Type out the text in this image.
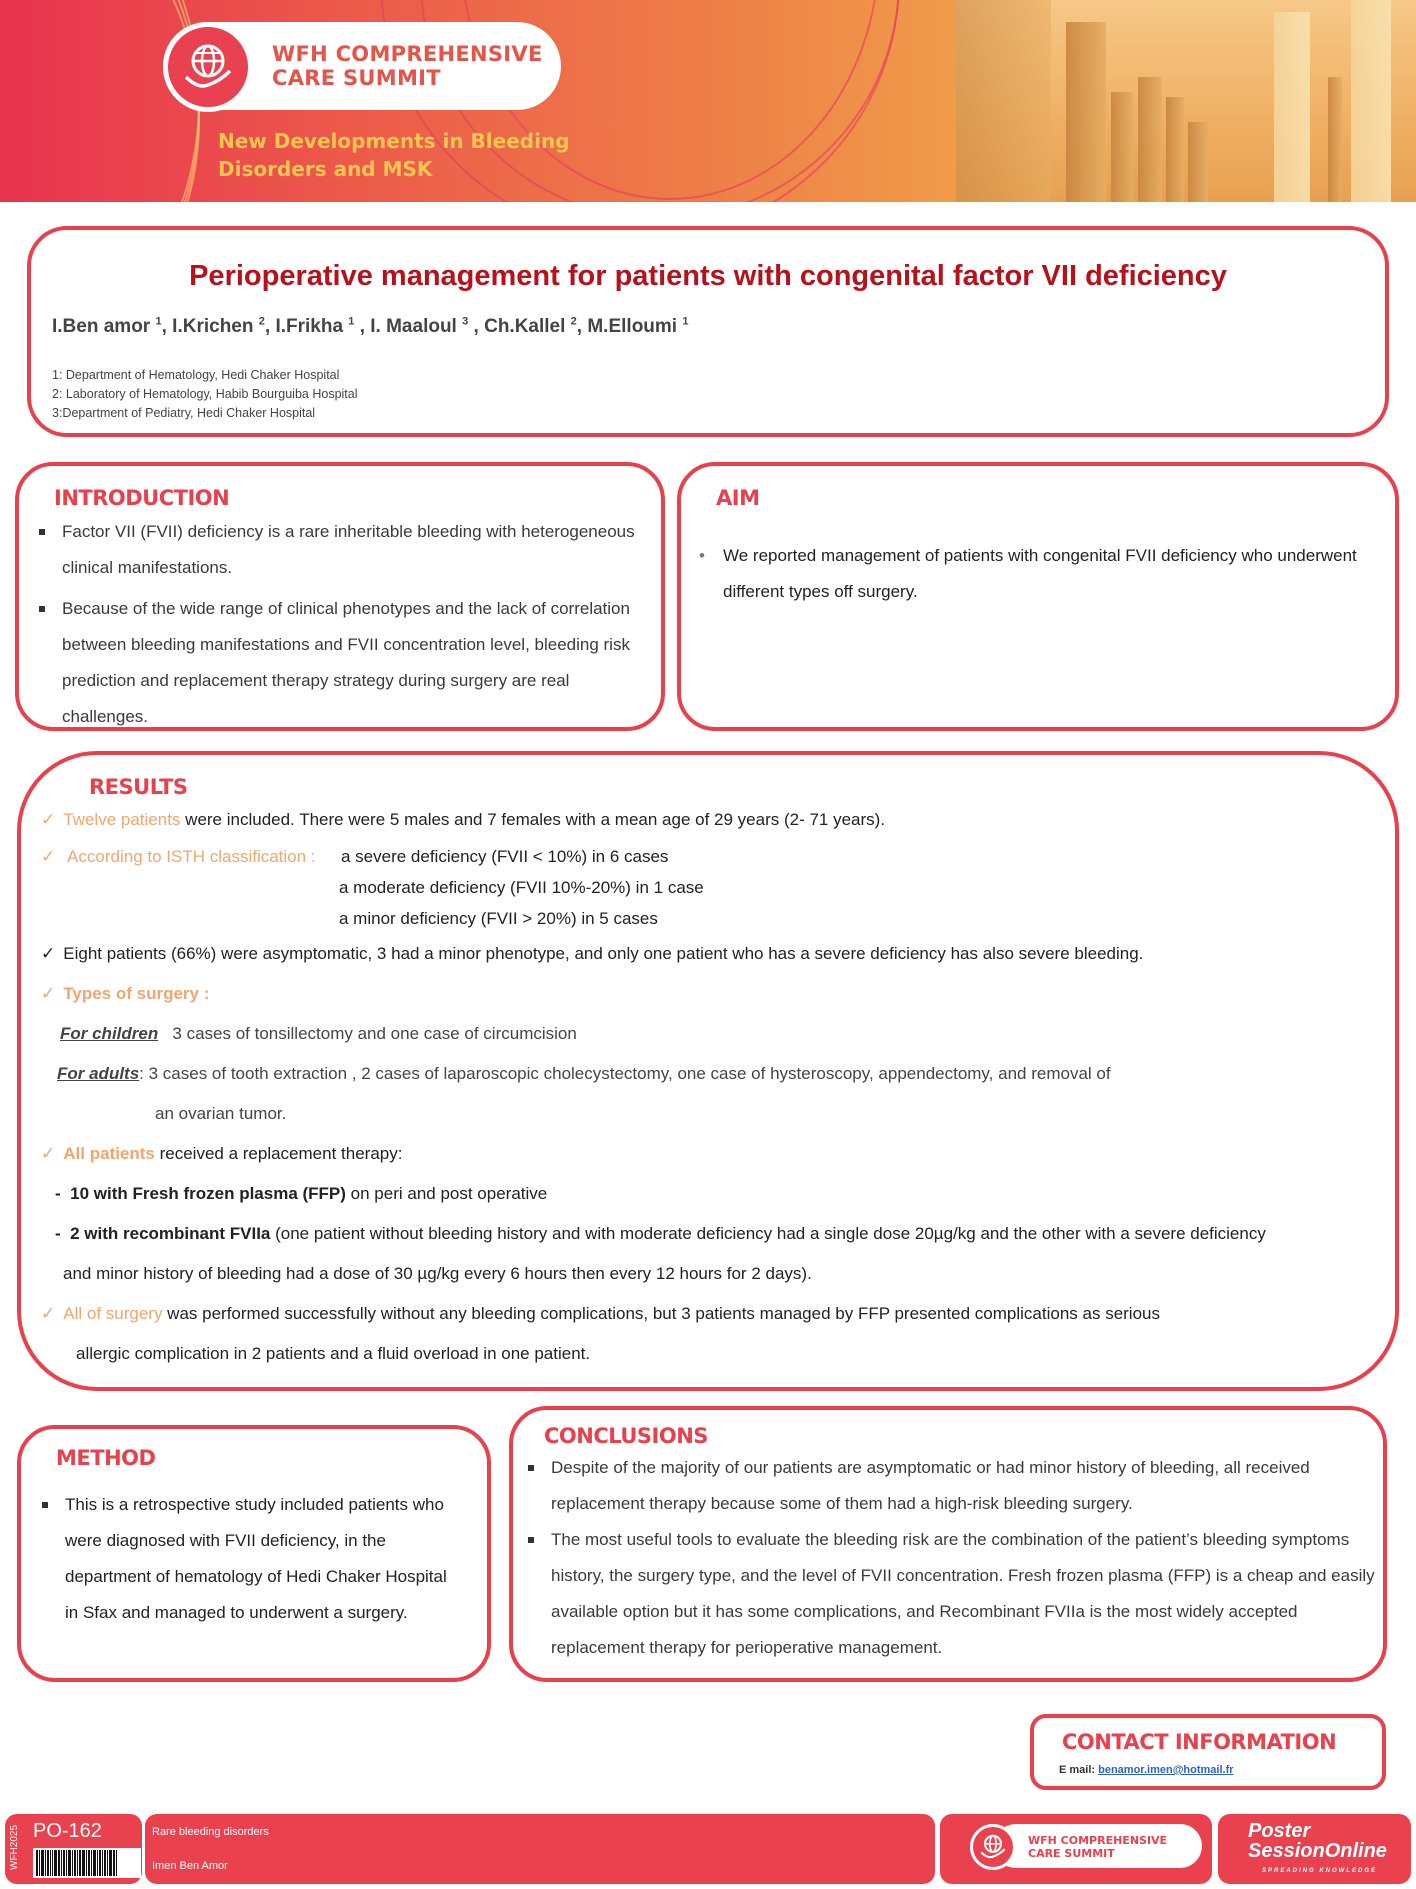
WFH COMPREHENSIVE
CARE SUMMIT
New Developments in Bleeding
Disorders and MSK
Perioperative management for patients with congenital factor VII deficiency
I.Ben amor $^1$, I.Krichen $^2$, I.Frikha $^1$ , I. Maaloul $^3$ , Ch.Kallel $^2$, M.Elloumi $^1$
1: Department of Hematology, Hedi Chaker Hospital
2: Laboratory of Hematology, Habib Bourguiba Hospital
3:Department of Pediatry, Hedi Chaker Hospital
INTRODUCTION
Factor VII (FVII) deficiency is a rare inheritable bleeding with heterogeneous clinical manifestations.
Because of the wide range of clinical phenotypes and the lack of correlation between bleeding manifestations and FVII concentration level, bleeding risk prediction and replacement therapy strategy during surgery are real challenges.
AIM
• We reported management of patients with congenital FVII deficiency who underwent different types off surgery.
RESULTS
✓ Twelve patients were included. There were 5 males and 7 females with a mean age of 29 years (2- 71 years).
✓ According to ISTH classification : a severe deficiency (FVII < 10%) in 6 cases
a moderate deficiency (FVII 10%-20%) in 1 case
a minor deficiency (FVII > 20%) in 5 cases
✓ Eight patients (66%) were asymptomatic, 3 had a minor phenotype, and only one patient who has a severe deficiency has also severe bleeding.
✓ Types of surgery :
For children 3 cases of tonsillectomy and one case of circumcision
For adults: 3 cases of tooth extraction , 2 cases of laparoscopic cholecystectomy, one case of hysteroscopy, appendectomy, and removal of
an ovarian tumor.
✓ All patients received a replacement therapy:
-  10 with Fresh frozen plasma (FFP) on peri and post operative
-  2 with recombinant FVIIa (one patient without bleeding history and with moderate deficiency had a single dose 20µg/kg and the other with a severe deficiency
and minor history of bleeding had a dose of 30 µg/kg every 6 hours then every 12 hours for 2 days).
✓ All of surgery was performed successfully without any bleeding complications, but 3 patients managed by FFP presented complications as serious
allergic complication in 2 patients and a fluid overload in one patient.
METHOD
This is a retrospective study included patients who were diagnosed with FVII deficiency, in the department of hematology of Hedi Chaker Hospital in Sfax and managed to underwent a surgery.
CONCLUSIONS
Despite of the majority of our patients are asymptomatic or had minor history of bleeding, all received replacement therapy because some of them had a high-risk bleeding surgery.
The most useful tools to evaluate the bleeding risk are the combination of the patient’s bleeding symptoms history, the surgery type, and the level of FVII concentration. Fresh frozen plasma (FFP) is a cheap and easily available option but it has some complications, and Recombinant FVIIa is the most widely accepted replacement therapy for perioperative management.
CONTACT INFORMATION
E mail: benamor.imen@hotmail.fr
WFH2025 PO-162	Rare bleeding disorders
Imen Ben Amor
WFH COMPREHENSIVE
CARE SUMMIT
Poster
SessionOnline
SPREADING KNOWLEDGE
